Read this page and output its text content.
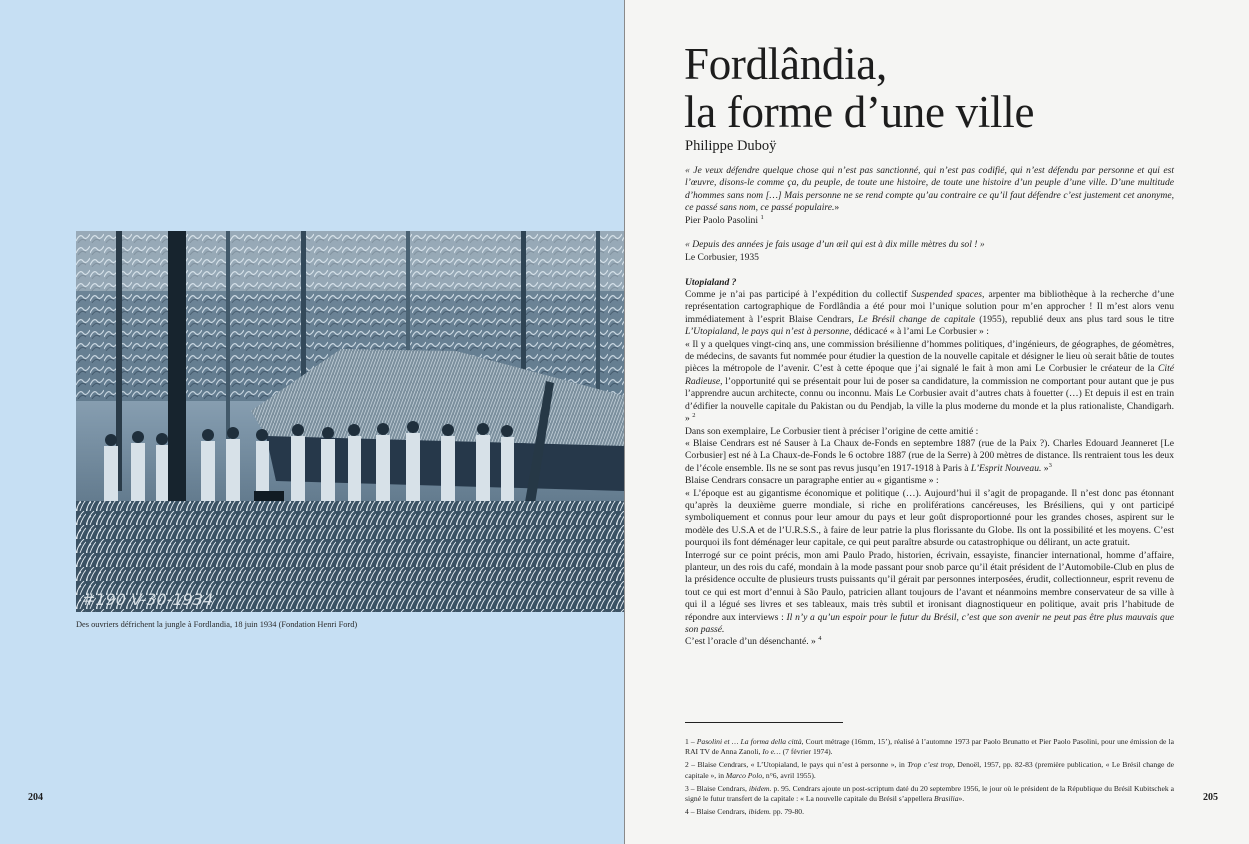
#190 V-30-1934
Des ouvriers défrichent la jungle à Fordlandia, 18 juin 1934 (Fondation Henri Ford)
204
Fordlândia,
la forme d’une ville
Philippe Duboÿ

« Je veux défendre quelque chose qui n’est pas sanctionné, qui n’est pas codifié, qui n’est défendu par personne et qui est l’œuvre, disons-le comme ça, du peuple, de toute une histoire, de toute une histoire d’un peuple d’une ville. D’une multitude d’hommes sans nom […] Mais personne ne se rend compte qu’au contraire ce qu’il faut défendre c’est justement cet anonyme, ce passé sans nom, ce passé populaire.»
Pier Paolo Pasolini $^1$

« Depuis des années je fais usage d’un œil qui est à dix mille mètres du sol ! »
Le Corbusier, 1935

Utopialand ?

Comme je n’ai pas participé à l’expédition du collectif Suspended spaces, arpenter ma bibliothèque à la recherche d’une représentation cartographique de Fordlândia a été pour moi l’unique solution pour m’en approcher ! Il m’est alors venu immédiatement à l’esprit Blaise Cendrars, Le Brésil change de capitale (1955), republié deux ans plus tard sous le titre L’Utopialand, le pays qui n’est à personne, dédicacé « à l’ami Le Corbusier » :

« Il y a quelques vingt-cinq ans, une commission brésilienne d’hommes politiques, d’ingénieurs, de géographes, de géomètres, de médecins, de savants fut nommée pour étudier la question de la nouvelle capitale et désigner le lieu où serait bâtie de toutes pièces la métropole de l’avenir. C’est à cette époque que j’ai signalé le fait à mon ami Le Corbusier le créateur de la Cité Radieuse, l’opportunité qui se présentait pour lui de poser sa candidature, la commission ne comportant pour autant que je pus l’apprendre aucun architecte, connu ou inconnu. Mais Le Corbusier avait d’autres chats à fouetter (…) Et depuis il est en train d’édifier la nouvelle capitale du Pakistan ou du Pendjab, la ville la plus moderne du monde et la plus rationaliste, Chandigarh. » $^2$

Dans son exemplaire, Le Corbusier tient à préciser l’origine de cette amitié :

« Blaise Cendrars est né Sauser à La Chaux de-Fonds en septembre 1887 (rue de la Paix ?). Charles Edouard Jeanneret [Le Corbusier] est né à La Chaux-de-Fonds le 6 octobre 1887 (rue de la Serre) à 200 mètres de distance. Ils rentraient tous les deux de l’école ensemble. Ils ne se sont pas revus jusqu’en 1917-1918 à Paris à L’Esprit Nouveau. »$^3$

Blaise Cendrars consacre un paragraphe entier au « gigantisme » :

« L’époque est au gigantisme économique et politique (…). Aujourd’hui il s’agit de propagande. Il n’est donc pas étonnant qu’après la deuxième guerre mondiale, si riche en proliférations cancéreuses, les Brésiliens, qui y ont participé symboliquement et connus pour leur amour du pays et leur goût disproportionné pour les grandes choses, aspirent sur le modèle des U.S.A et de l’U.R.S.S., à faire de leur patrie la plus florissante du Globe. Ils ont la possibilité et les moyens. C’est pourquoi ils font déménager leur capitale, ce qui peut paraître absurde ou catastrophique ou délirant, un acte gratuit.

Interrogé sur ce point précis, mon ami Paulo Prado, historien, écrivain, essayiste, financier international, homme d’affaire, planteur, un des rois du café, mondain à la mode passant pour snob parce qu’il était président de l’Automobile-Club en plus de la présidence occulte de plusieurs trusts puissants qu’il gérait par personnes interposées, érudit, collectionneur, esprit revenu de tout ce qui est mort d’ennui à São Paulo, patricien allant toujours de l’avant et néanmoins membre conservateur de sa ville à qui il a légué ses livres et ses tableaux, mais très subtil et ironisant diagnostiqueur en politique, avait pris l’habitude de répondre aux interviews : Il n’y a qu’un espoir pour le futur du Brésil, c’est que son avenir ne peut pas être plus mauvais que son passé.

C’est l’oracle d’un désenchanté. » $^4$

1 – Pasolini et … La forma della città, Court métrage (16mm, 15’), réalisé à l’automne 1973 par Paolo Brunatto et Pier Paolo Pasolini, pour une émission de la RAI TV de Anna Zanoli, Io e… (7 février 1974).

2 – Blaise Cendrars, « L’Utopialand, le pays qui n’est à personne », in Trop c’est trop, Denoël, 1957, pp. 82-83 (première publication, « Le Brésil change de capitale », in Marco Polo, n°6, avril 1955).

3 – Blaise Cendrars, ibidem. p. 95. Cendrars ajoute un post-scriptum daté du 20 septembre 1956, le jour où le président de la République du Brésil Kubitschek a signé le futur transfert de la capitale : « La nouvelle capitale du Brésil s’appellera Brasilia».

4 – Blaise Cendrars, ibidem. pp. 79-80.

205
